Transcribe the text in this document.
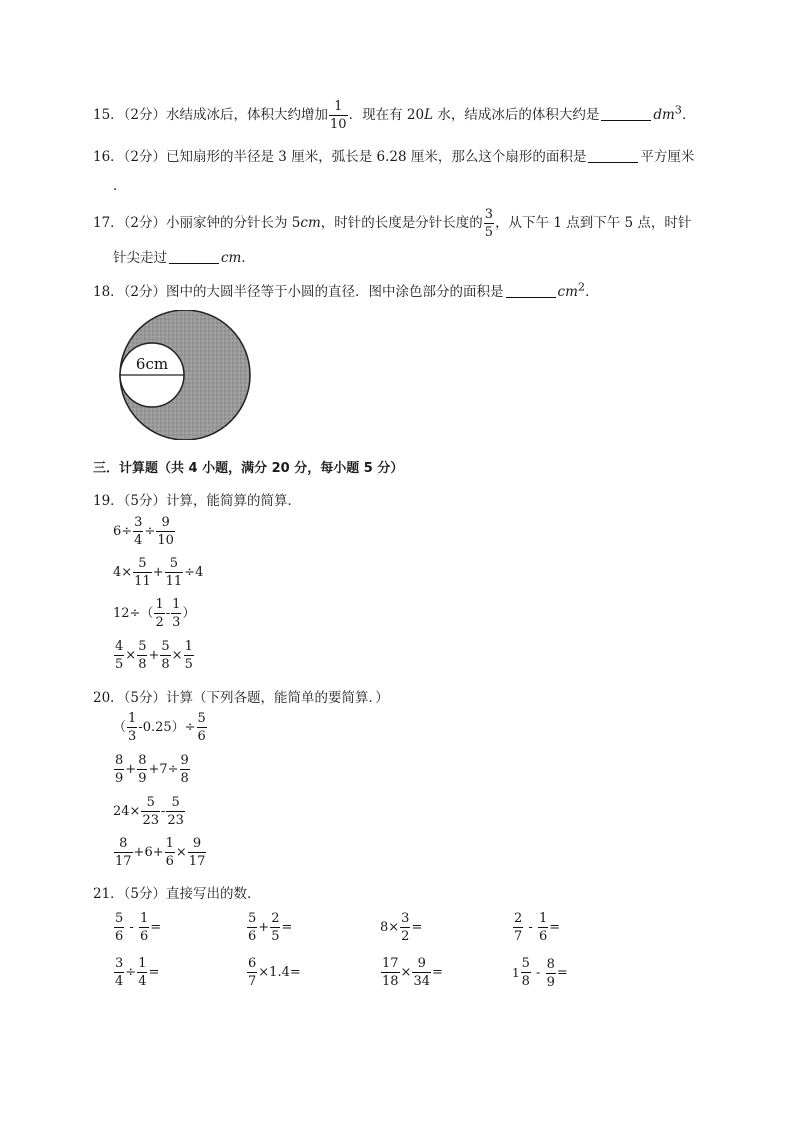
15．（2分）水结成冰后，体积大约增加 $\frac{1}{10}$ ．现在有 20L 水，结成冰后的体积大约是	$dm^3$．
16．（2分）已知扇形的半径是 3 厘米，弧长是 6.28 厘米，那么这个扇形的面积是	平方厘米
．
17．（2分）小丽家钟的分针长为 5cm，时针的长度是分针长度的 $\frac{3}{5}$ ，从下午 1 点到下午 5 点，时针
针尖走过	cm．
18．（2分）图中的大圆半径等于小圆的直径．图中涂色部分的面积是	$cm^2$．
6cm
三．计算题（共 4 小题，满分 20 分，每小题 5 分）
19．（5分）计算，能简算的简算．
$6\div \frac{3}{4} \div \frac{9}{10}$
$4\times \frac{5}{11} + \frac{5}{11} \div 4$
$12\div( \frac{1}{2} - \frac{1}{3}$ ）
$\frac{4}{5} \times \frac{5}{8} + \frac{5}{8} \times \frac{1}{5}$
20．（5分）计算（下列各题，能简单的要简算．）
（ $\frac{1}{3} -0.25)\div \frac{5}{6}$
$\frac{8}{9} + \frac{8}{9} +7\div \frac{9}{8}$
$24\times \frac{5}{23} - \frac{5}{23}$
$\frac{8}{17} +6+ \frac{1}{6} \times \frac{9}{17}$
21．（5分）直接写出的数．
$\frac{5}{6} - \frac{1}{6}$ =	$\frac{5}{6} + \frac{2}{5}$ =	$8\times \frac{3}{2}$ =	$\frac{2}{7} - \frac{1}{6}$ =
$\frac{3}{4} \div \frac{1}{4}$ =	$\frac{6}{7} \times 1.4=$	$\frac{17}{18} \times \frac{9}{34}$ =	$1 \frac{5}{8} - \frac{8}{9}$ =
